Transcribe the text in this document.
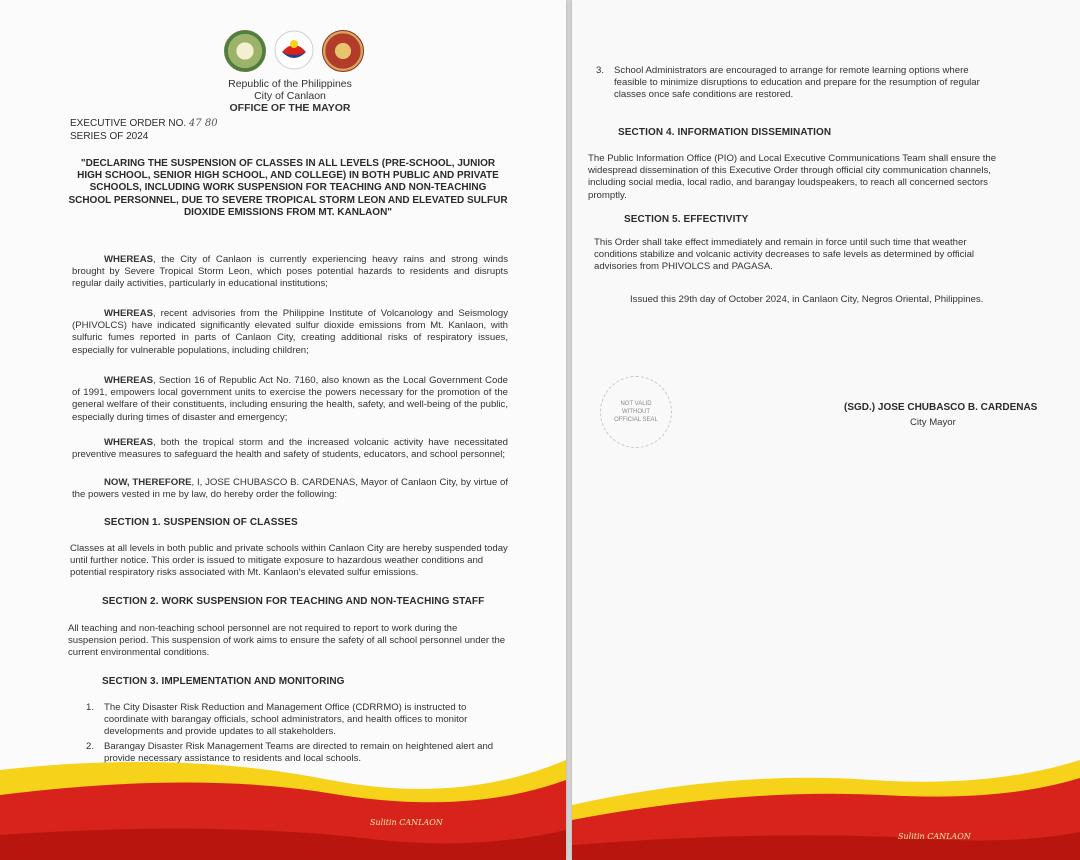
Republic of the Philippines
City of Canlaon
OFFICE OF THE MAYOR
EXECUTIVE ORDER NO. 47 80
SERIES OF 2024
"DECLARING THE SUSPENSION OF CLASSES IN ALL LEVELS (PRE-SCHOOL, JUNIOR HIGH SCHOOL, SENIOR HIGH SCHOOL, AND COLLEGE) IN BOTH PUBLIC AND PRIVATE SCHOOLS, INCLUDING WORK SUSPENSION FOR TEACHING AND NON-TEACHING SCHOOL PERSONNEL, DUE TO SEVERE TROPICAL STORM LEON AND ELEVATED SULFUR DIOXIDE EMISSIONS FROM MT. KANLAON"
WHEREAS, the City of Canlaon is currently experiencing heavy rains and strong winds brought by Severe Tropical Storm Leon, which poses potential hazards to residents and disrupts regular daily activities, particularly in educational institutions;
WHEREAS, recent advisories from the Philippine Institute of Volcanology and Seismology (PHIVOLCS) have indicated significantly elevated sulfur dioxide emissions from Mt. Kanlaon, with sulfuric fumes reported in parts of Canlaon City, creating additional risks of respiratory issues, especially for vulnerable populations, including children;
WHEREAS, Section 16 of Republic Act No. 7160, also known as the Local Government Code of 1991, empowers local government units to exercise the powers necessary for the promotion of the general welfare of their constituents, including ensuring the health, safety, and well-being of the public, especially during times of disaster and emergency;
WHEREAS, both the tropical storm and the increased volcanic activity have necessitated preventive measures to safeguard the health and safety of students, educators, and school personnel;
NOW, THEREFORE, I, JOSE CHUBASCO B. CARDENAS, Mayor of Canlaon City, by virtue of the powers vested in me by law, do hereby order the following:
SECTION 1. SUSPENSION OF CLASSES
Classes at all levels in both public and private schools within Canlaon City are hereby suspended today until further notice. This order is issued to mitigate exposure to hazardous weather conditions and potential respiratory risks associated with Mt. Kanlaon's elevated sulfur emissions.
SECTION 2. WORK SUSPENSION FOR TEACHING AND NON-TEACHING STAFF
All teaching and non-teaching school personnel are not required to report to work during the suspension period. This suspension of work aims to ensure the safety of all school personnel under the current environmental conditions.
SECTION 3. IMPLEMENTATION AND MONITORING
1. The City Disaster Risk Reduction and Management Office (CDRRMO) is instructed to coordinate with barangay officials, school administrators, and health offices to monitor developments and provide updates to all stakeholders.
2. Barangay Disaster Risk Management Teams are directed to remain on heightened alert and provide necessary assistance to residents and local schools.
Sulitin CANLAON
3. School Administrators are encouraged to arrange for remote learning options where feasible to minimize disruptions to education and prepare for the resumption of regular classes once safe conditions are restored.
SECTION 4. INFORMATION DISSEMINATION
The Public Information Office (PIO) and Local Executive Communications Team shall ensure the widespread dissemination of this Executive Order through official city communication channels, including social media, local radio, and barangay loudspeakers, to reach all concerned sectors promptly.
SECTION 5. EFFECTIVITY
This Order shall take effect immediately and remain in force until such time that weather conditions stabilize and volcanic activity decreases to safe levels as determined by official advisories from PHIVOLCS and PAGASA.
Issued this 29th day of October 2024, in Canlaon City, Negros Oriental, Philippines.
NOT VALID WITHOUT OFFICIAL SEAL
(SGD.) JOSE CHUBASCO B. CARDENAS
City Mayor
Sulitin CANLAON
